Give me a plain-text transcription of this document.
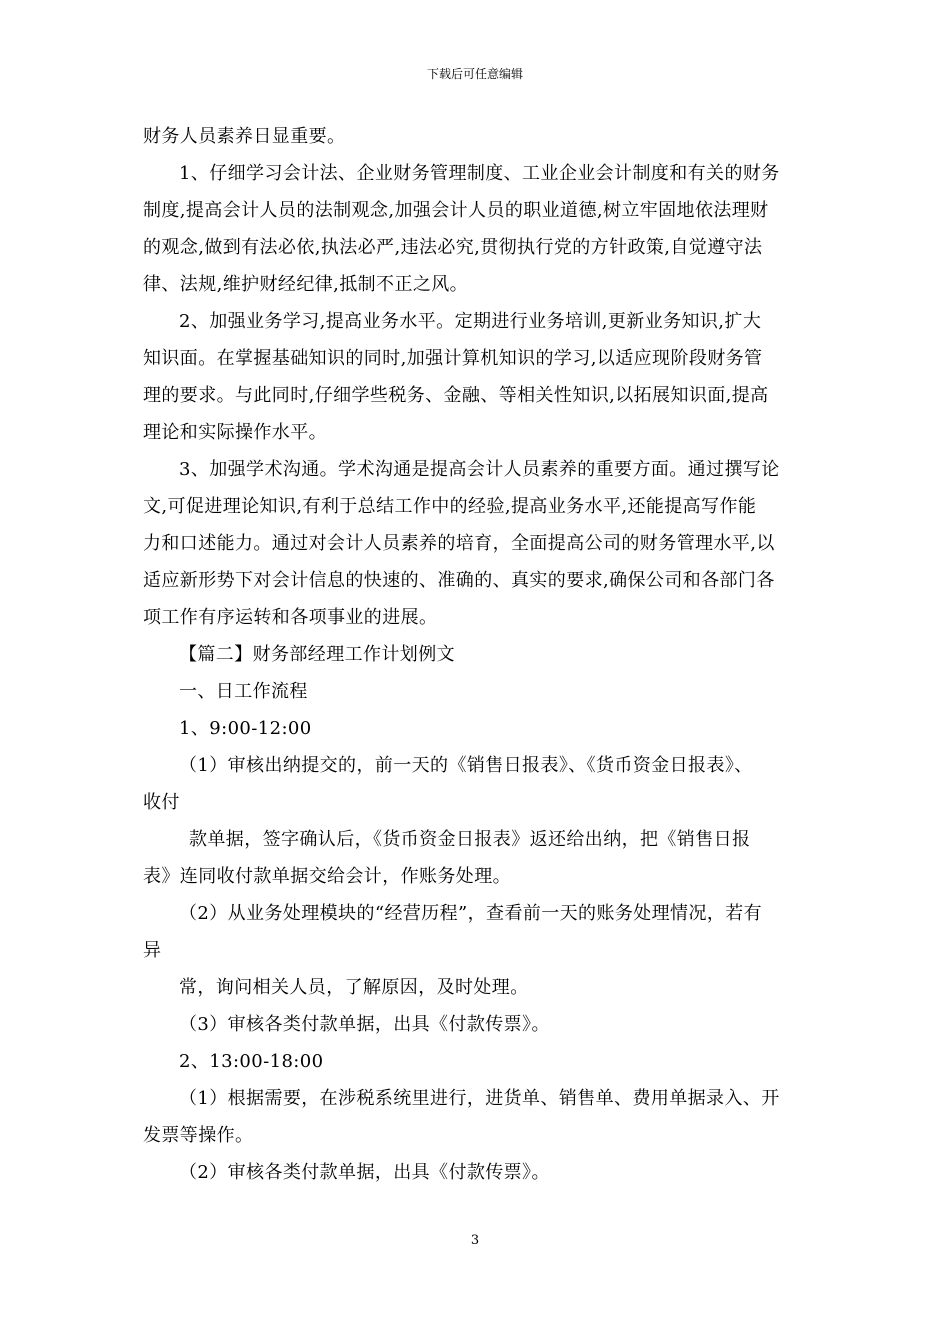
下载后可任意编辑
财务人员素养日显重要。
1、仔细学习会计法、企业财务管理制度、工业企业会计制度和有关的财务
制度,提高会计人员的法制观念,加强会计人员的职业道德,树立牢固地依法理财
的观念,做到有法必依,执法必严,违法必究,贯彻执行党的方针政策,自觉遵守法
律、法规,维护财经纪律,抵制不正之风。
2、加强业务学习,提高业务水平。定期进行业务培训,更新业务知识,扩大
知识面。在掌握基础知识的同时,加强计算机知识的学习,以适应现阶段财务管
理的要求。与此同时,仔细学些税务、金融、等相关性知识,以拓展知识面,提高
理论和实际操作水平。
3、加强学术沟通。学术沟通是提高会计人员素养的重要方面。通过撰写论
文,可促进理论知识,有利于总结工作中的经验,提高业务水平,还能提高写作能
力和口述能力。通过对会计人员素养的培育，全面提高公司的财务管理水平,以
适应新形势下对会计信息的快速的、准确的、真实的要求,确保公司和各部门各
项工作有序运转和各项事业的进展。
【篇二】财务部经理工作计划例文
一、日工作流程
1、9:00-12:00
（1）审核出纳提交的，前一天的《销售日报表》、《货币资金日报表》、
收付
款单据，签字确认后，《货币资金日报表》返还给出纳，把《销售日报
表》连同收付款单据交给会计，作账务处理。
（2）从业务处理模块的“经营历程”，查看前一天的账务处理情况，若有
异
常，询问相关人员，了解原因，及时处理。
（3）审核各类付款单据，出具《付款传票》。
2、13:00-18:00
（1）根据需要，在涉税系统里进行，进货单、销售单、费用单据录入、开
发票等操作。
（2）审核各类付款单据，出具《付款传票》。
3
